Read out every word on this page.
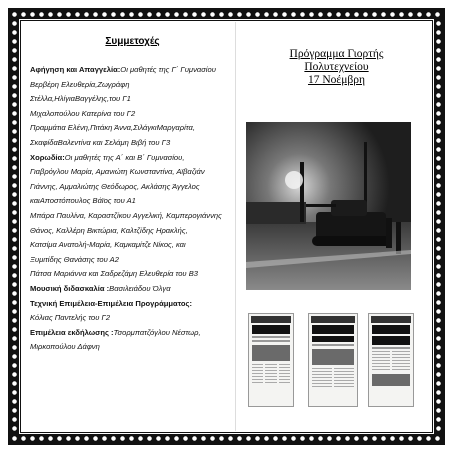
Συμμετοχές
Αφήγηση και Απαγγελία:Οι μαθητές της Γ΄ Γυμνασίου
Βερβέρη Ελευθερία,Ζωγράφη
Στέλλα,ΗλίγιαΒαγγέλης,του Γ1
Μιχαλοπούλου Κατερίνα του Γ2
Πραμμάτια Ελένη,Πιτάκη Άννα,ΣιλάγκιΜαργαρίτα,
ΣκαφίδαΒαλεντίνα και Σελάμη Βιβή του Γ3
Χορωδία:Οι μαθητές της Α΄ και Β΄ Γυμνασίου,
Γιαβρόγλου Μαρία, Αμανιώτη Κωνσταντίνα, Αϊβαζιάν
Γιάννης, Αμμαλιώτης Θεόδωρος, Ακλάσης Άγγελος
καιΑποστόπουλος Βάϊος του Α1
Μπάρα Παυλίνα, Καραστζίκου Αγγελική, Καμπερογιάννης
Θάνος, Καλλέρη Βικτώρια, Καλτζίδης Ηρακλής,
Κατσίμα Ανατολή-Μαρία, Καμκαμίτζε Νίκος, και
Ξυμιτίδης Θανάσης του Α2
Πάτσα Μαριάννα και Σαδρεζάμη Ελευθερία του Β3
Μουσική διδασκαλία :Βασιλειάδου Όλγα
Τεχνική Επιμέλεια-Επιμέλεια Προγράμματος:
Κόλιας Παντελής του Γ2
Επιμέλεια εκδήλωσης :Τσορμπατζόγλου Νέστωρ,
Μιρκοπούλου Δάφνη

Πρόγραμμα Γιορτής

Πολυτεχνείου

17 Νοέμβρη
